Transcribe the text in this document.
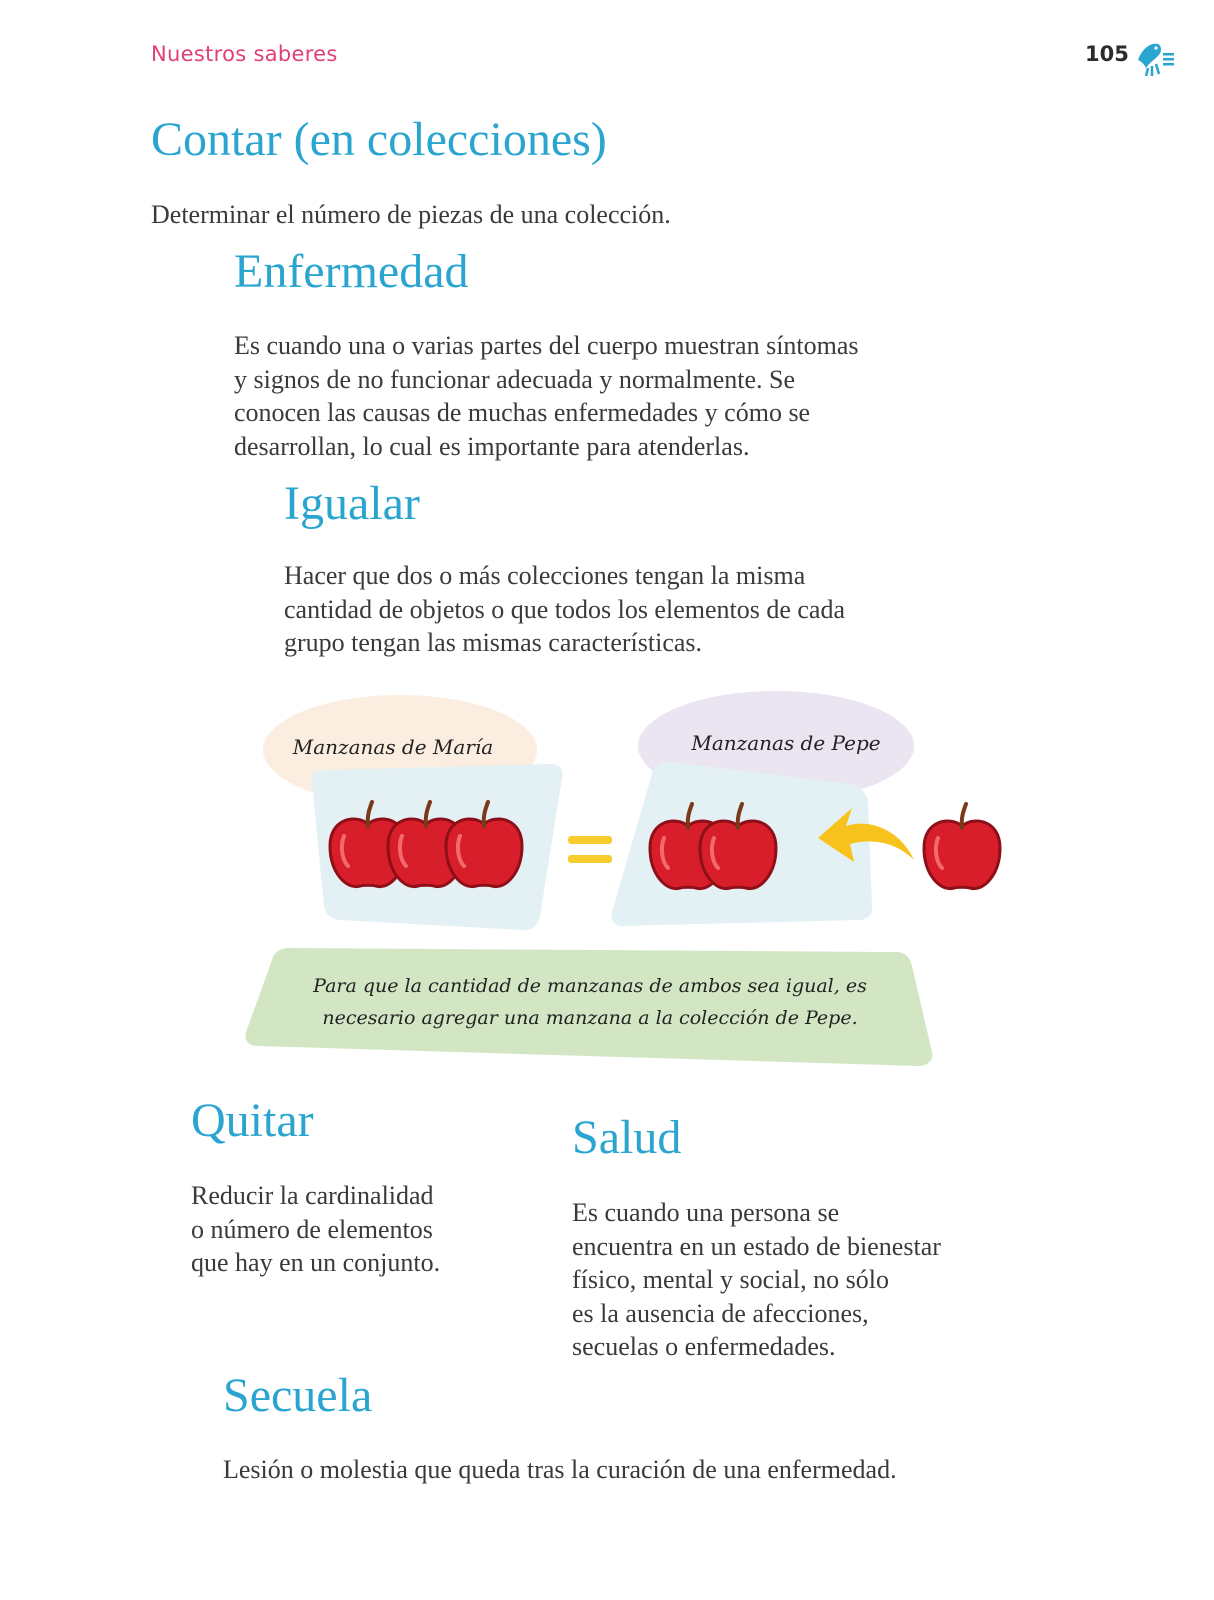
Nuestros saberes	105
Contar (en colecciones)

Determinar el número de piezas de una colección.

Enfermedad
Es cuando una o varias partes del cuerpo muestran síntomas
y signos de no funcionar adecuada y normalmente. Se
conocen las causas de muchas enfermedades y cómo se
desarrollan, lo cual es importante para atenderlas.
Igualar
Hacer que dos o más colecciones tengan la misma
cantidad de objetos o que todos los elementos de cada
grupo tengan las mismas características.
Manzanas de María	Manzanas de Pepe
Para que la cantidad de manzanas de ambos sea igual, es
necesario agregar una manzana a la colección de Pepe.
Quitar
Reducir la cardinalidad
o número de elementos
que hay en un conjunto.
Salud
Es cuando una persona se
encuentra en un estado de bienestar
físico, mental y social, no sólo
es la ausencia de afecciones,
secuelas o enfermedades.
Secuela

Lesión o molestia que queda tras la curación de una enfermedad.
